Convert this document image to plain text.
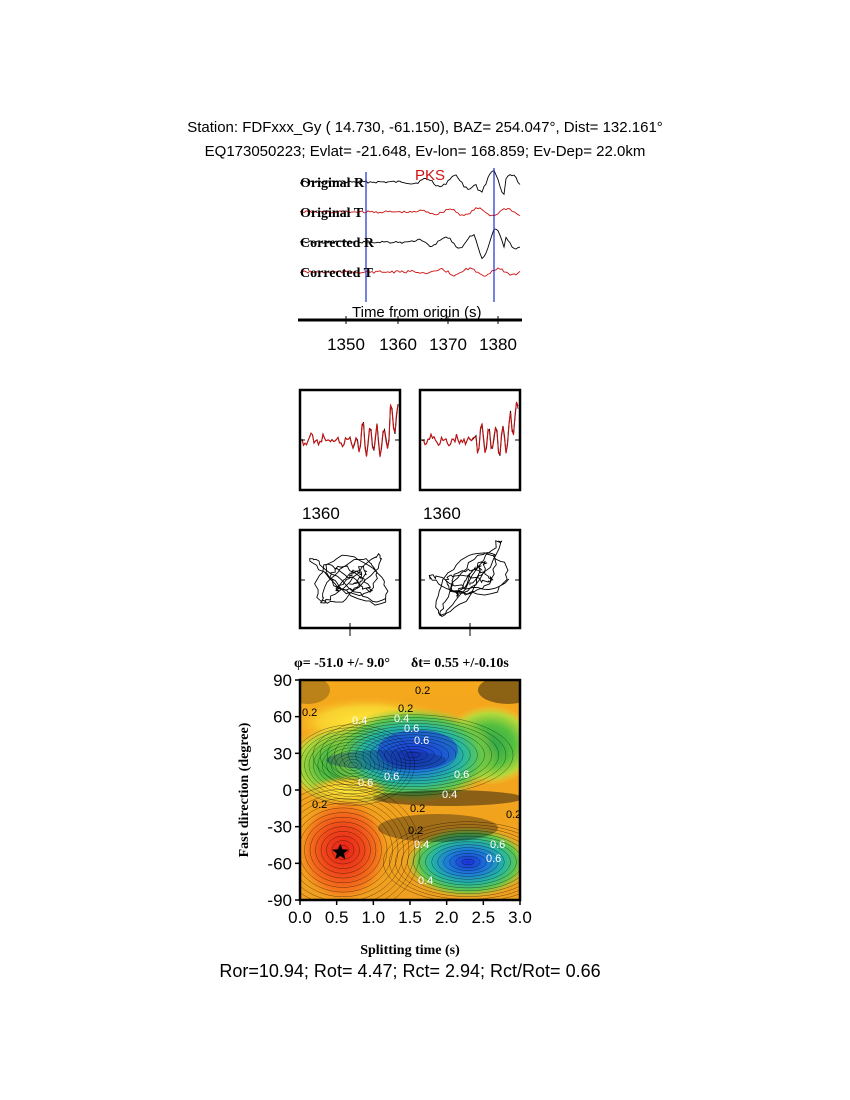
Station: FDFxxx_Gy ( 14.730, -61.150), BAZ= 254.047°, Dist= 132.161°
EQ173050223; Evlat= -21.648, Ev-lon= 168.859; Ev-Dep= 22.0km
PKS
Original R
Original T
Corrected R
Corrected T
Time from origin (s)
1350 1360 1370 1380
1360	1360
φ= -51.0 +/- 9.0° δt= 0.55 +/-0.10s
0.2
0.2
0.4 0.4
0.6
0.6
0.6
0.6
0.6
0.4
0.2	0.2	0.2
0.2
0.4	0.6
0.6
0.4
0.2
90
60
30
0
-30
-60
-90
0.0 0.5 1.0 1.5 2.0 2.5 3.0
Fast direction (degree)
Splitting time (s)
Ror=10.94; Rot= 4.47; Rct= 2.94; Rct/Rot= 0.66
